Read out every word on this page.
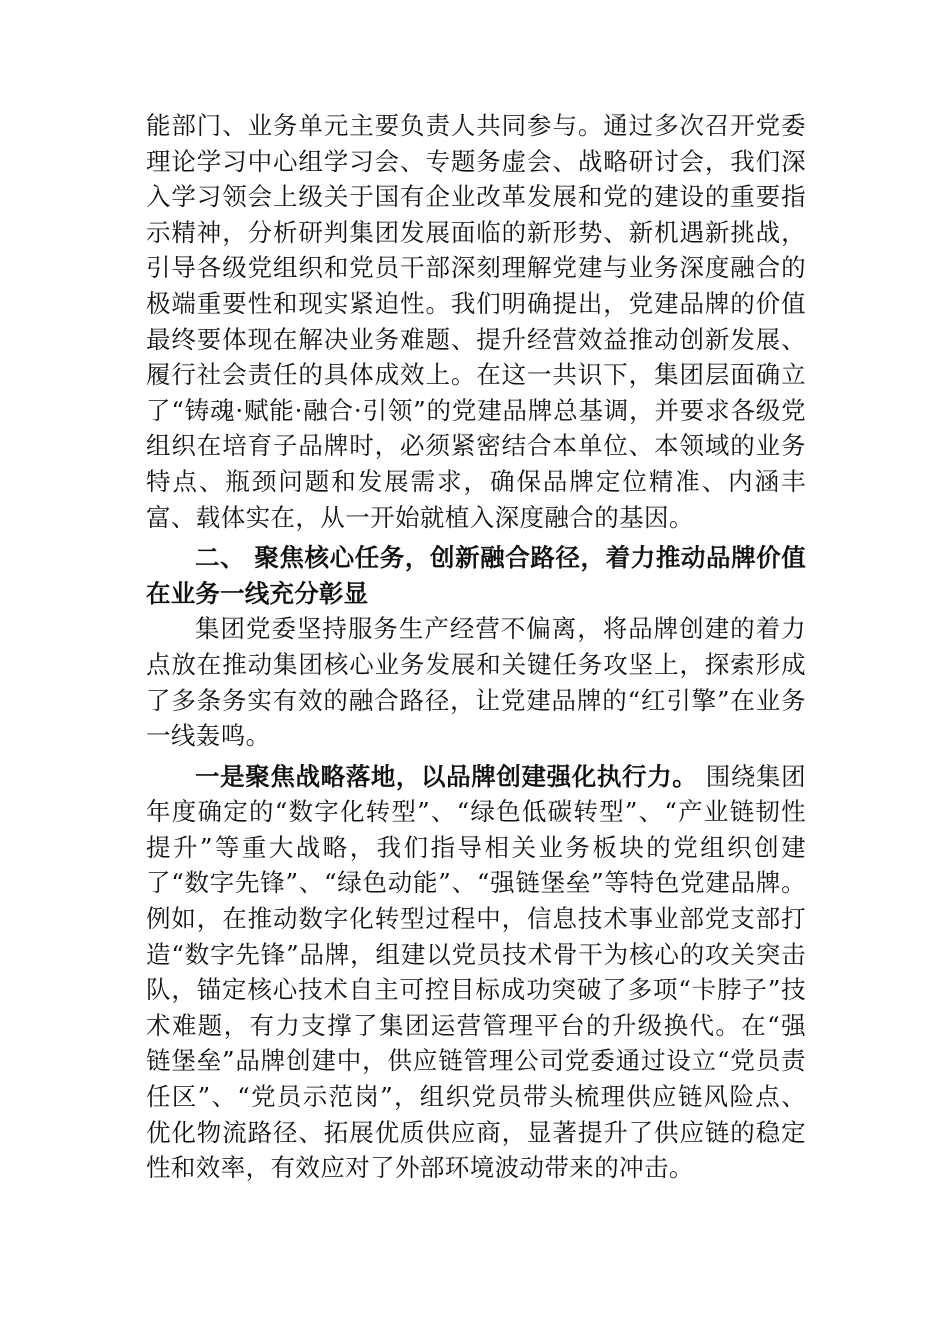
能部门、业务单元主要负责人共同参与。通过多次召开党委理论学习中心组学习会、专题务虚会、战略研讨会，我们深入学习领会上级关于国有企业改革发展和党的建设的重要指示精神，分析研判集团发展面临的新形势、新机遇新挑战，引导各级党组织和党员干部深刻理解党建与业务深度融合的极端重要性和现实紧迫性。我们明确提出，党建品牌的价值最终要体现在解决业务难题、提升经营效益推动创新发展、履行社会责任的具体成效上。在这一共识下，集团层面确立了“铸魂·赋能·融合·引领”的党建品牌总基调，并要求各级党组织在培育子品牌时，必须紧密结合本单位、本领域的业务特点、瓶颈问题和发展需求，确保品牌定位精准、内涵丰富、载体实在，从一开始就植入深度融合的基因。

二、 聚焦核心任务，创新融合路径，着力推动品牌价值在业务一线充分彰显

集团党委坚持服务生产经营不偏离，将品牌创建的着力点放在推动集团核心业务发展和关键任务攻坚上，探索形成了多条务实有效的融合路径，让党建品牌的“红引擎”在业务一线轰鸣。

一是聚焦战略落地，以品牌创建强化执行力。 围绕集团年度确定的“数字化转型”、“绿色低碳转型”、“产业链韧性提升”等重大战略，我们指导相关业务板块的党组织创建了“数字先锋”、“绿色动能”、“强链堡垒”等特色党建品牌。例如，在推动数字化转型过程中，信息技术事业部党支部打造“数字先锋”品牌，组建以党员技术骨干为核心的攻关突击队，锚定核心技术自主可控目标成功突破了多项“卡脖子”技术难题，有力支撑了集团运营管理平台的升级换代。在“强链堡垒”品牌创建中，供应链管理公司党委通过设立“党员责任区”、“党员示范岗”，组织党员带头梳理供应链风险点、优化物流路径、拓展优质供应商，显著提升了供应链的稳定性和效率，有效应对了外部环境波动带来的冲击。
